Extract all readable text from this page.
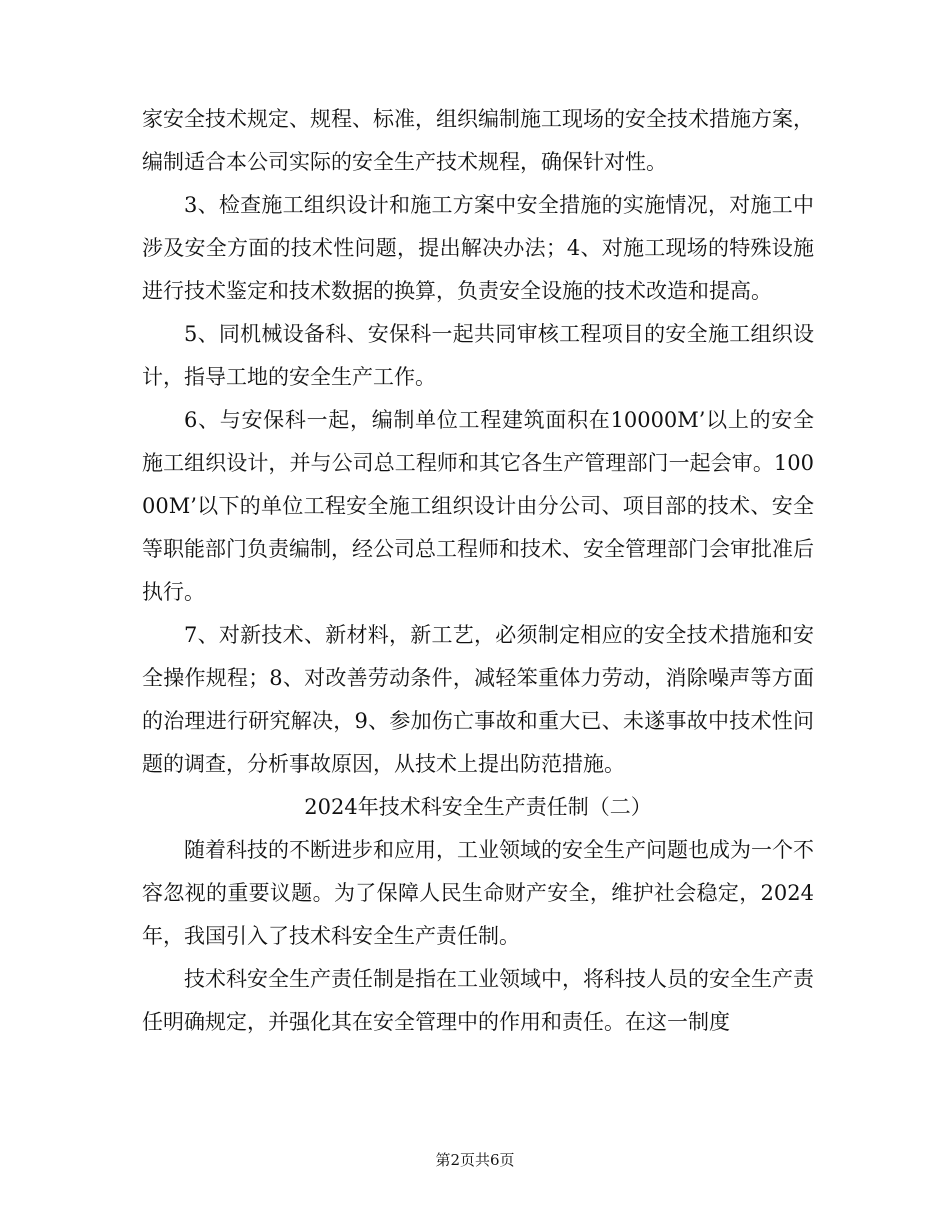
家安全技术规定、规程、标准，组织编制施工现场的安全技术措施方案，编制适合本公司实际的安全生产技术规程，确保针对性。

3、检查施工组织设计和施工方案中安全措施的实施情况，对施工中涉及安全方面的技术性问题，提出解决办法；4、对施工现场的特殊设施进行技术鉴定和技术数据的换算，负责安全设施的技术改造和提高。

5、同机械设备科、安保科一起共同审核工程项目的安全施工组织设计，指导工地的安全生产工作。

6、与安保科一起，编制单位工程建筑面积在10000M’以上的安全施工组织设计，并与公司总工程师和其它各生产管理部门一起会审。10000M’以下的单位工程安全施工组织设计由分公司、项目部的技术、安全等职能部门负责编制，经公司总工程师和技术、安全管理部门会审批准后执行。

7、对新技术、新材料，新工艺，必须制定相应的安全技术措施和安全操作规程；8、对改善劳动条件，减轻笨重体力劳动，消除噪声等方面的治理进行研究解决，9、参加伤亡事故和重大已、未遂事故中技术性问题的调查，分析事故原因，从技术上提出防范措施。

2024年技术科安全生产责任制（二）

随着科技的不断进步和应用，工业领域的安全生产问题也成为一个不容忽视的重要议题。为了保障人民生命财产安全，维护社会稳定，2024年，我国引入了技术科安全生产责任制。

技术科安全生产责任制是指在工业领域中，将科技人员的安全生产责任明确规定，并强化其在安全管理中的作用和责任。在这一制度

第2页共6页
